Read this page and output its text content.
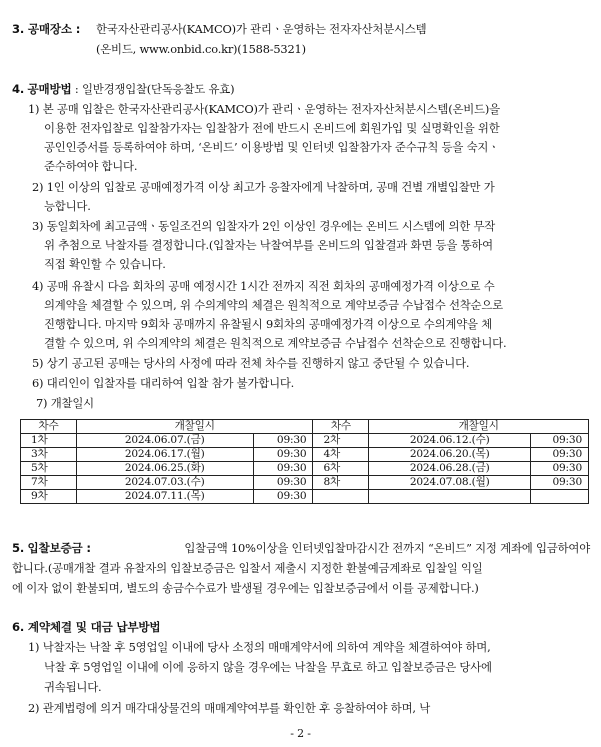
3. 공매장소 : 한국자산관리공사(KAMCO)가 관리ㆍ운영하는 전자자산처분시스템
(온비드, www.onbid.co.kr)(1588-5321)
4. 공매방법 : 일반경쟁입찰(단독응찰도 유효)
1) 본 공매 입찰은 한국자산관리공사(KAMCO)가 관리ㆍ운영하는 전자자산처분시스템(온비드)을
이용한 전자입찰로 입찰참가자는 입찰참가 전에 반드시 온비드에 회원가입 및 실명확인을 위한
공인인증서를 등록하여야 하며, ‘온비드’ 이용방법 및 인터넷 입찰참가자 준수규칙 등을 숙지ㆍ
준수하여야 합니다.
2) 1인 이상의 입찰로 공매예정가격 이상 최고가 응찰자에게 낙찰하며, 공매 건별 개별입찰만 가
능합니다.
3) 동일회차에 최고금액ㆍ동일조건의 입찰자가 2인 이상인 경우에는 온비드 시스템에 의한 무작
위 추첨으로 낙찰자를 결정합니다.(입찰자는 낙찰여부를 온비드의 입찰결과 화면 등을 통하여
직접 확인할 수 있습니다.
4) 공매 유찰시 다음 회차의 공매 예정시간 1시간 전까지 직전 회차의 공매예정가격 이상으로 수
의계약을 체결할 수 있으며, 위 수의계약의 체결은 원칙적으로 계약보증금 수납접수 선착순으로
진행합니다. 마지막 9회차 공매까지 유찰될시 9회차의 공매예정가격 이상으로 수의계약을 체
결할 수 있으며, 위 수의계약의 체결은 원칙적으로 계약보증금 수납접수 선착순으로 진행합니다.
5) 상기 공고된 공매는 당사의 사정에 따라 전체 차수를 진행하지 않고 중단될 수 있습니다.
6) 대리인이 입찰자를 대리하여 입찰 참가 불가합니다.
7) 개찰일시
차수	개찰일시		차수	개찰일시	
1차	2024.06.07.(금)	09:30	2차	2024.06.12.(수)	09:30
3차	2024.06.17.(월)	09:30	4차	2024.06.20.(목)	09:30
5차	2024.06.25.(화)	09:30	6차	2024.06.28.(금)	09:30
7차	2024.07.03.(수)	09:30	8차	2024.07.08.(월)	09:30
9차	2024.07.11.(목)	09:30			
5. 입찰보증금 :	입찰금액 10%이상을 인터넷입찰마감시간 전까지 “온비드” 지정 계좌에 입금하여야
합니다.(공매개찰 결과 유찰자의 입찰보증금은 입찰서 제출시 지정한 환불예금계좌로 입찰일 익일
에 이자 없이 환불되며, 별도의 송금수수료가 발생될 경우에는 입찰보증금에서 이를 공제합니다.)
6. 계약체결 및 대금 납부방법
1) 낙찰자는 낙찰 후 5영업일 이내에 당사 소정의 매매계약서에 의하여 계약을 체결하여야 하며,
낙찰 후 5영업일 이내에 이에 응하지 않을 경우에는 낙찰을 무효로 하고 입찰보증금은 당사에
귀속됩니다.
2) 관계법령에 의거 매각대상물건의 매매계약여부를 확인한 후 응찰하여야 하며, 낙
- 2 -
